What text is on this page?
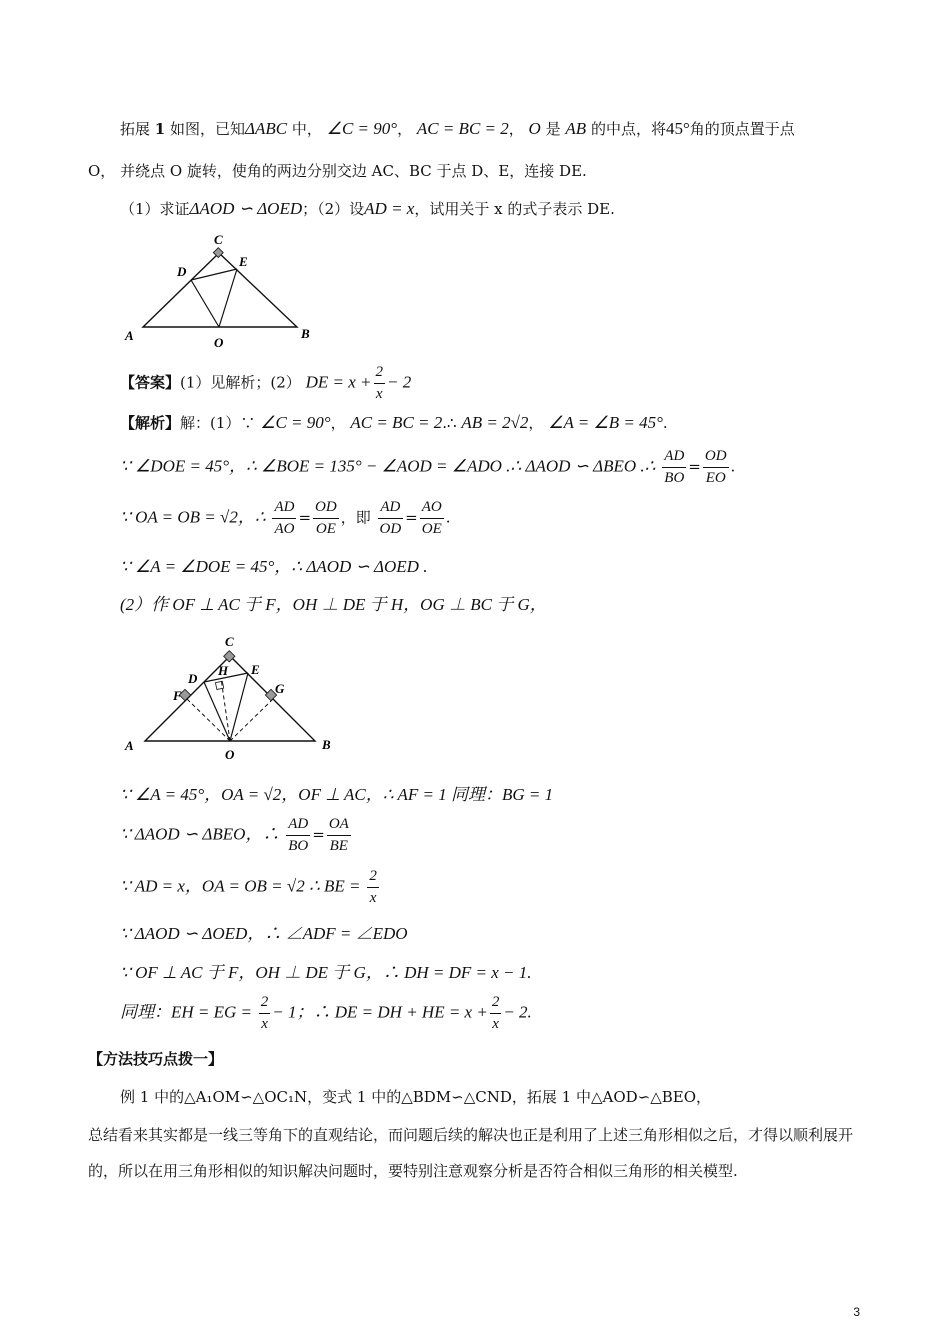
拓展 1 如图，已知ΔABC 中， ∠C = 90°， AC = BC = 2， O 是 AB 的中点，将45°角的顶点置于点
O， 并绕点 O 旋转，使角的两边分别交边 AC、BC 于点 D、E，连接 DE.
（1）求证ΔAOD ∽ ΔOED；（2）设AD = x，试用关于 x 的式子表示 DE.
C
D
E
A	O
B
【答案】(1）见解析；(2） DE = $x + \frac{2}{x} - 2$
【解析】解：(1）∵ ∠C = 90°， AC = BC = 2.∴ AB = 2√2， ∠A = ∠B = 45°.
∵ ∠DOE = 45°，∴ ∠BOE = 135° − ∠AOD = ∠ADO .∴ ΔAOD ∽ ΔBEO .∴ $\frac{AD}{BO} = \frac{OD}{EO}$ .
∵ OA = OB = √2，∴ $\frac{AD}{AO} = \frac{OD}{OE}$ ，即 $\frac{AD}{OD} = \frac{AO}{OE}$ .
∵ ∠A = ∠DOE = 45°，∴ ΔAOD ∽ ΔOED .
(2）作 OF ⊥ AC 于 F，OH ⊥ DE 于 H，OG ⊥ BC 于 G，
C
H
D
E
F	G
A
O
B
∵ ∠A = 45°，OA = √2，OF ⊥ AC，∴ AF = 1 同理：BG = 1
∵ ΔAOD ∽ ΔBEO，∴ $\frac{AD}{BO} = \frac{OA}{BE}$
∵ AD = x，OA = OB = √2 ∴ BE = $\frac{2}{x}$
∵ ΔAOD ∽ ΔOED，∴ ∠ADF = ∠EDO
∵ OF ⊥ AC 于 F，OH ⊥ DE 于 G，∴ DH = DF = x − 1.
同理：EH = EG = $\frac{2}{x} - 1$；∴ DE = DH + HE = $x + \frac{2}{x} - 2$.
【方法技巧点拨一】
例 1 中的△A₁OM∽△OC₁N，变式 1 中的△BDM∽△CND，拓展 1 中△AOD∽△BEO，
总结看来其实都是一线三等角下的直观结论，而问题后续的解决也正是利用了上述三角形相似之后，才得以顺利展开的，所以在用三角形相似的知识解决问题时，要特别注意观察分析是否符合相似三角形的相关模型.
3
